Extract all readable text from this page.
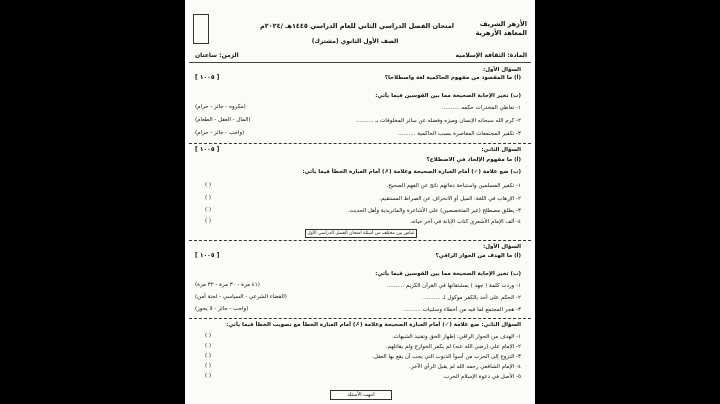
الأزهر الشريف
المعاهد الأزهرية
امتحان الفصل الدراسي الثاني للعام الدراسي ١٤٤٥هـ /٢٠٢٤م
الصف الأول الثانوي (مشترك)
المادة: الثقافة الإسلامية
الزمن: ساعتان
السؤال الأول:
(أ) ما المقصود من مفهوم الحاكمية لغة واصطلاحا؟
[ ١٠٠٥ ]
(ب) تخير الإجابة الصحيحة مما بين القوسين فيما يأتي:
١- تعاطي المخدرات حكمه ..........
(مكروه - جائز - حرام)
٢- كرم الله سبحانه الإنسان وميزه وفضله عن سائر المخلوقات بـ ..........
(المال - العقل - الطعام)
٣- تكفير المجتمعات المعاصرة بسبب الحاكمية ..........
(واجب - جائز - حرام)
السؤال الثاني:
(أ) ما مفهوم الإلحاد في الاصطلاح؟
[ ١٠٠٥ ]
(ب) ضع علامة (✓) أمام العبارة الصحيحة وعلامة (✗) أمام العبارة الخطأ فيما يأتي:
١- تكفير المسلمين واستباحة دمائهم ناتج عن الفهم الصحيح.
( )
٢- الإرهاب في اللغة: الميل أو الانحراف عن الصراط المستقيم.
( )
٣- يطلق مصطلح (غير المتخصصين) على الأشاعرة والماتريدية وأهل الحديث.
( )
٤- ألف الإمام الأشعري كتاب الإبانة في آخر حياته.
( )
عباس بين مختلف من أسئلة امتحان الفصل الدراسي الأول
السؤال الأول:
(أ) ما الهدف من الحوار الراقي؟
[ ١٠٠٥ ]
(ب) تخير الإجابة الصحيحة مما بين القوسين فيما يأتي:
١- وردت كلمة ( جهد ) بمشتقاتها في القرآن الكريم ..........
(٤١ مرة - ٣٠ مرة - ٣٢ مرة)
٢- الحكم على أحد بالكفر موكول لـ ..........
(القضاء الشرعي - السياسي - لجنة أمن)
٣- هجر المجتمع لما فيه من أخطاء وسلبيات ..........
(واجب - جائز - لا يجوز)
السؤال الثاني: ضع علامة (✓) أمام العبارة الصحيحة وعلامة (✗) أمام العبارة الخطأ مع تصويب الخطأ فيما يأتي:
١- الهدف من الحوار الراقي: إظهار الحق وتفنيد الشبهات.
( )
٢- الإمام علي (رضي الله عنه) لم يكفر الخوارج ولم يقاتلهم.
( )
٣- النزوع إلى الحرب من أسوأ الذنوب التي يجب أن يقع بها العقل.
( )
٤- الإمام الشافعي رحمه الله لم يقبل الرأي الآخر.
( )
٥- الأصل في دعوة الإسلام الحرب.
( )
انتهت الأسئلة
